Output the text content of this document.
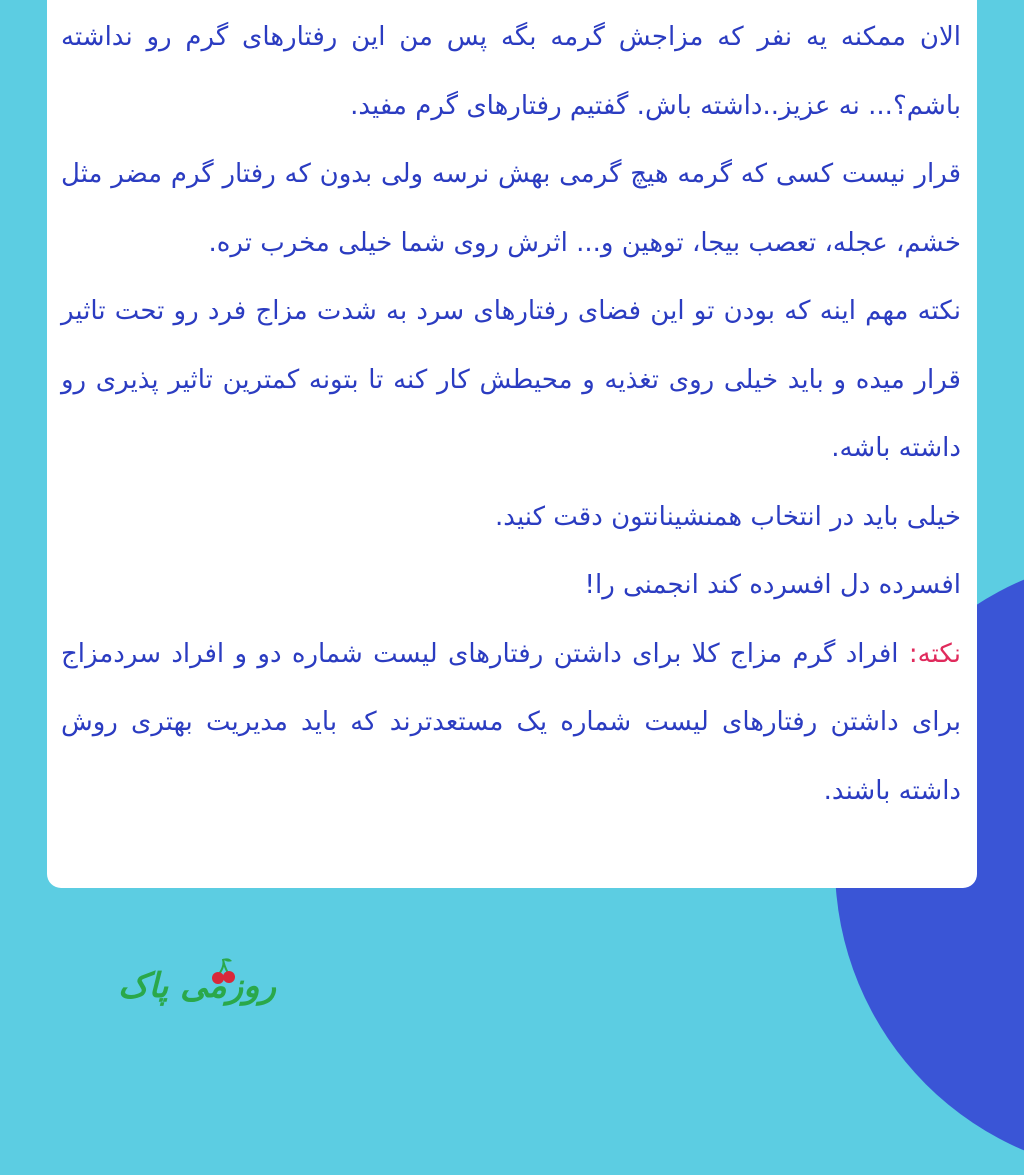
الان ممکنه یه نفر که مزاجش گرمه بگه پس من این رفتارهای گرم رو نداشته باشم؟... نه عزیز..داشته باش. گفتیم رفتارهای گرم مفید.

قرار نیست کسی که گرمه هیچ گرمی بهش نرسه ولی بدون که رفتار گرم مضر مثل خشم، عجله، تعصب بیجا، توهین و... اثرش روی شما خیلی مخرب تره.

نکته مهم اینه که بودن تو این فضای رفتارهای سرد به شدت مزاج فرد رو تحت تاثیر قرار میده و باید خیلی روی تغذیه و محیطش کار کنه تا بتونه کمترین تاثیر پذیری رو داشته باشه.

خیلی باید در انتخاب همنشینانتون دقت کنید.

افسرده دل افسرده کند انجمنی را!

نکته: افراد گرم مزاج کلا برای داشتن رفتارهای لیست شماره دو و افراد سردمزاج برای داشتن رفتارهای لیست شماره یک مستعدترند که باید مدیریت بهتری روش داشته باشند.

روزمی پاک
